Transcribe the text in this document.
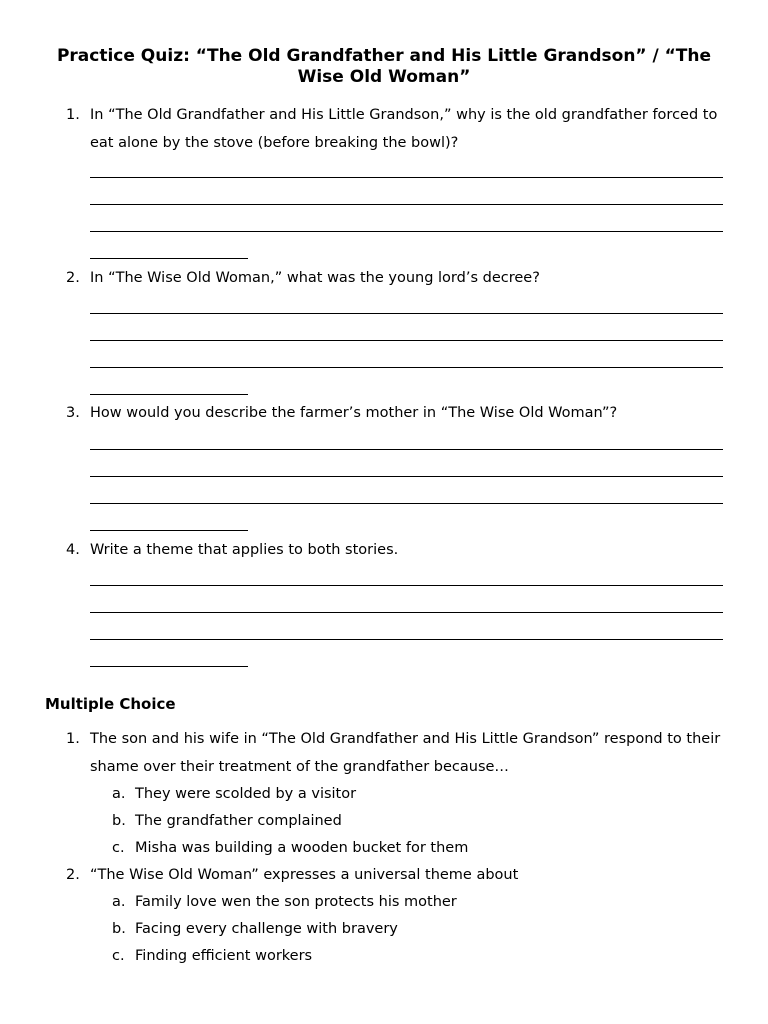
Practice Quiz: “The Old Grandfather and His Little Grandson” / “The
Wise Old Woman”
1. In “The Old Grandfather and His Little Grandson,” why is the old grandfather forced to eat alone by the stove (before breaking the bowl)?
2. In “The Wise Old Woman,” what was the young lord’s decree?
3. How would you describe the farmer’s mother in “The Wise Old Woman”?
4. Write a theme that applies to both stories.
Multiple Choice
1. The son and his wife in “The Old Grandfather and His Little Grandson” respond to their shame over their treatment of the grandfather because…
a. They were scolded by a visitor
b. The grandfather complained
c. Misha was building a wooden bucket for them
2. “The Wise Old Woman” expresses a universal theme about
a. Family love wen the son protects his mother
b. Facing every challenge with bravery
c. Finding efficient workers
